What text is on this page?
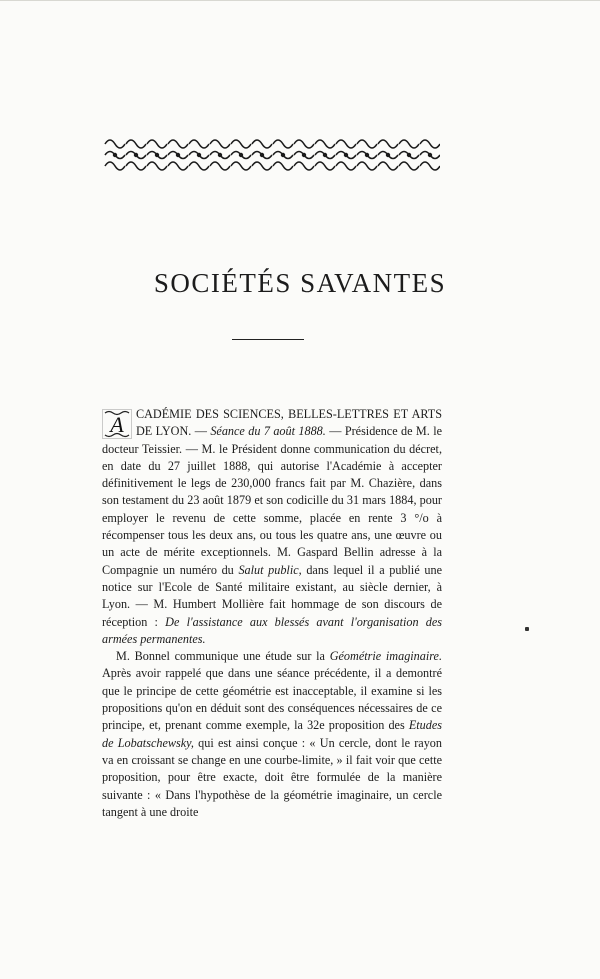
SOCIÉTÉS SAVANTES

A CADÉMIE DES SCIENCES, BELLES-LETTRES ET ARTS DE LYON. — Séance du 7 août 1888. — Présidence de M. le docteur Teissier. — M. le Président donne communication du décret, en date du 27 juillet 1888, qui autorise l'Académie à accepter définitivement le legs de 230,000 francs fait par M. Chazière, dans son testament du 23 août 1879 et son codicille du 31 mars 1884, pour employer le revenu de cette somme, placée en rente 3 °/o à récompenser tous les deux ans, ou tous les quatre ans, une œuvre ou un acte de mérite exceptionnels. M. Gaspard Bellin adresse à la Compagnie un numéro du Salut public, dans lequel il a publié une notice sur l'Ecole de Santé militaire existant, au siècle dernier, à Lyon. — M. Humbert Mollière fait hommage de son discours de réception : De l'assistance aux blessés avant l'organisation des armées permanentes.

M. Bonnel communique une étude sur la Géométrie imaginaire. Après avoir rappelé que dans une séance précédente, il a demontré que le principe de cette géométrie est inacceptable, il examine si les propositions qu'on en déduit sont des conséquences nécessaires de ce principe, et, prenant comme exemple, la 32e proposition des Etudes de Lobatschewsky, qui est ainsi conçue : « Un cercle, dont le rayon va en croissant se change en une courbe-limite, » il fait voir que cette proposition, pour être exacte, doit être formulée de la manière suivante : « Dans l'hypothèse de la géométrie imaginaire, un cercle tangent à une droite
